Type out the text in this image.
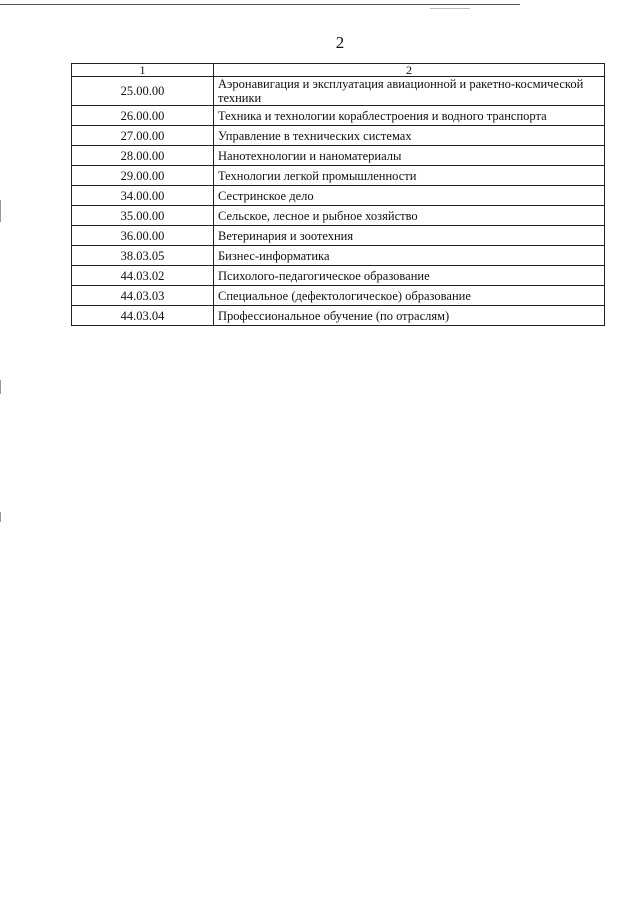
2
1	2
25.00.00	Аэронавигация и эксплуатация авиационной и ракетно-космической техники
26.00.00	Техника и технологии кораблестроения и водного транспорта
27.00.00	Управление в технических системах
28.00.00	Нанотехнологии и наноматериалы
29.00.00	Технологии легкой промышленности
34.00.00	Сестринское дело
35.00.00	Сельское, лесное и рыбное хозяйство
36.00.00	Ветеринария и зоотехния
38.03.05	Бизнес-информатика
44.03.02	Психолого-педагогическое образование
44.03.03	Специальное (дефектологическое) образование
44.03.04	Профессиональное обучение (по отраслям)
